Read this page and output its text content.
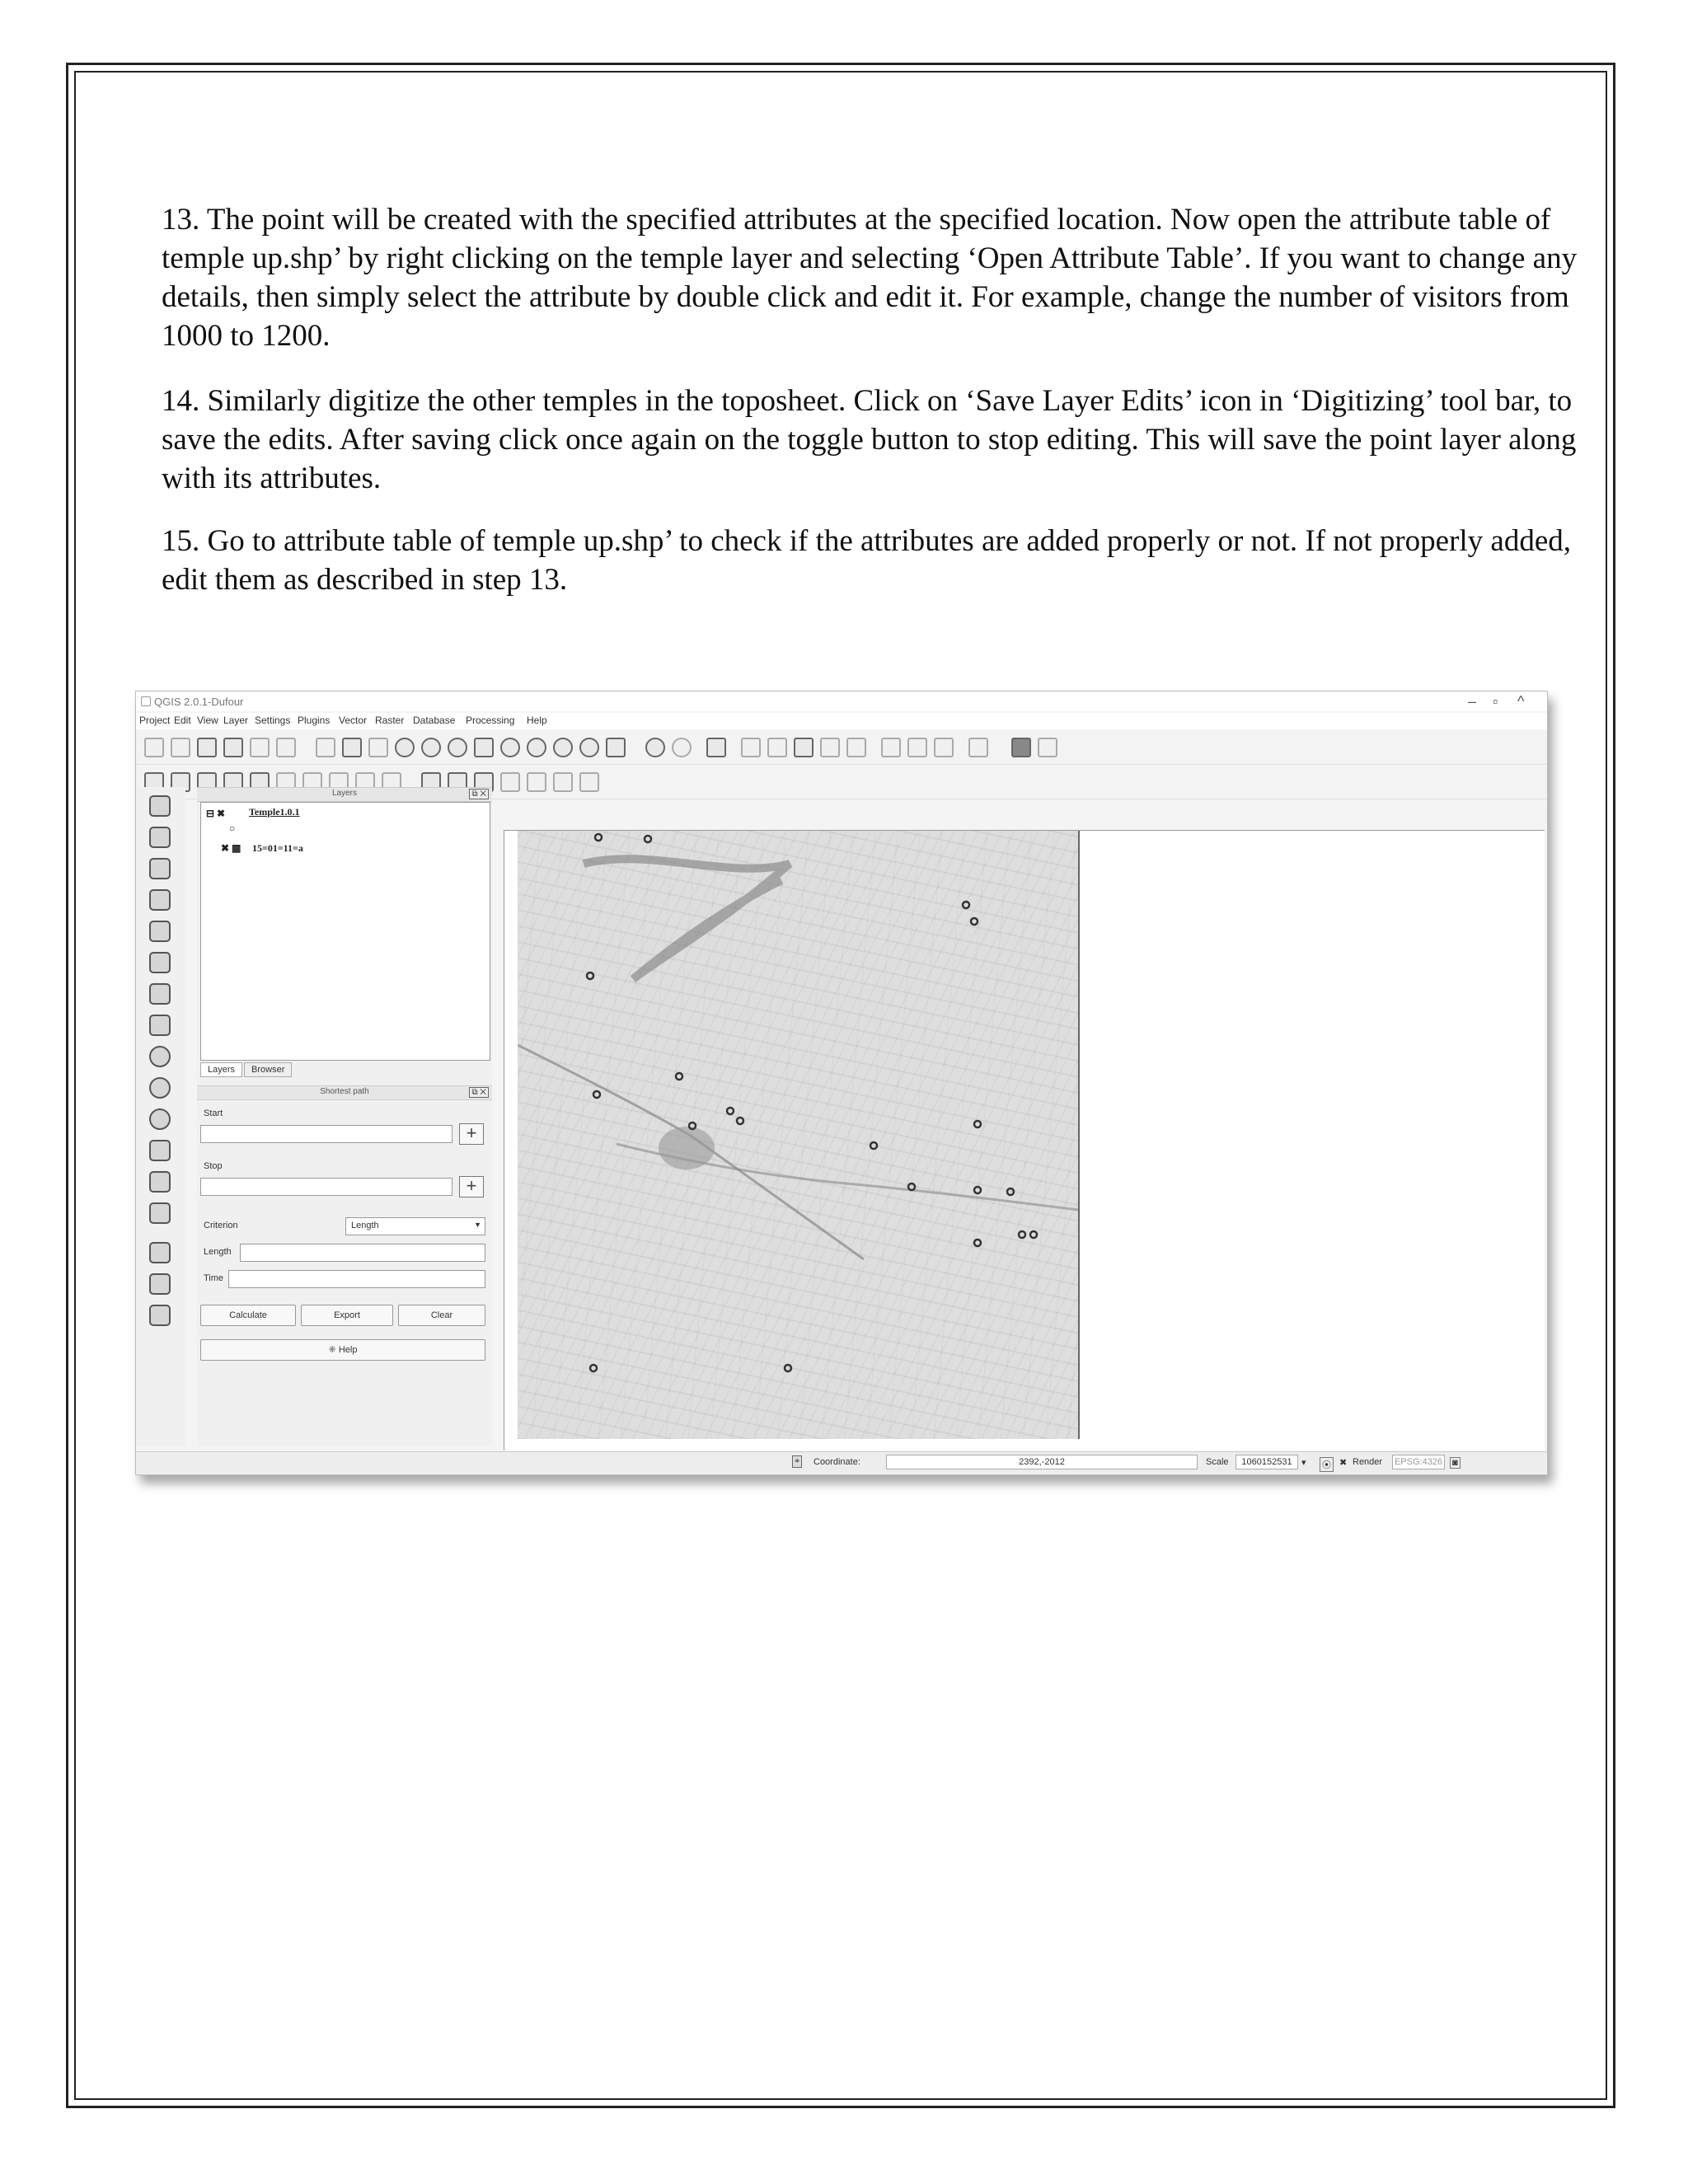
13. The point will be created with the specified attributes at the specified location. Now open the attribute table of temple up.shp’ by right clicking on the temple layer and selecting ‘Open Attribute Table’. If you want to change any details, then simply select the attribute by double click and edit it. For example, change the number of visitors from 1000 to 1200.

14. Similarly digitize the other temples in the toposheet. Click on ‘Save Layer Edits’ icon in ‘Digitizing’ tool bar, to save the edits. After saving click once again on the toggle button to stop editing. This will save the point layer along with its attributes.

15. Go to attribute table of temple up.shp’ to check if the attributes are added properly or not. If not properly added, edit them as described in step 13.

QGIS 2.0.1-Dufour	– ▫ ^
Project Edit View Layer Settings Plugins Vector Raster Database Processing Help
Layers	⧉ ✕
⊟ ✖ Temple1.0.1
○
✖ ▦ 15=01=11=a
Layers Browser
Shortest path	⧉ ✕
Start
+
Stop
+
Criterion	Length	▼
Length
Time
Calculate	Export	Clear
⁜ Help
⌖ Coordinate:	2392,-2012	Scale	1060152531	▾ ⦿ ✖ Render EPSG:4326 ◙
